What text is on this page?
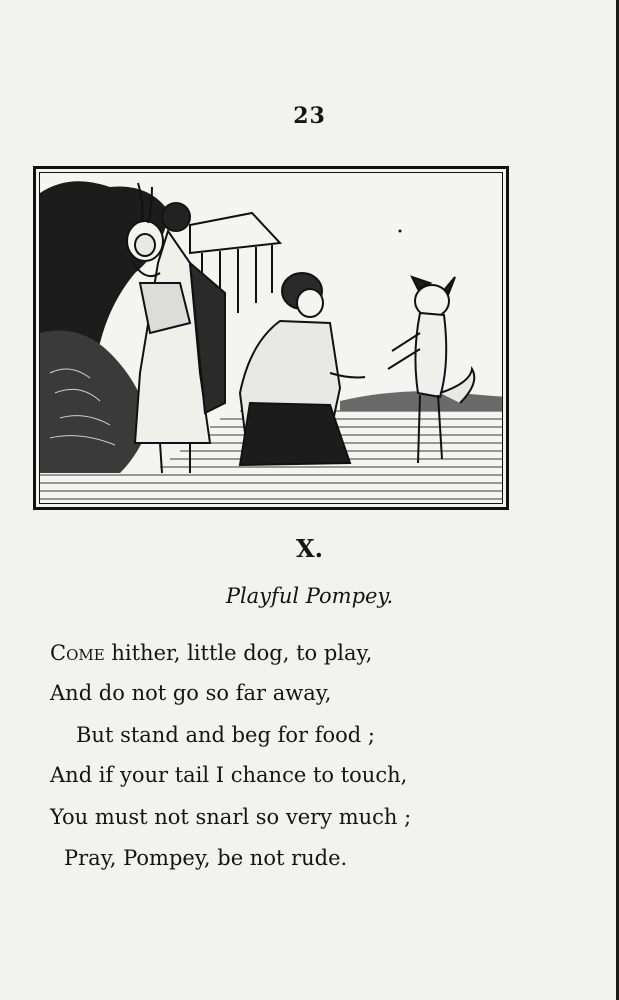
23
X.
Playful Pompey.
Come hither, little dog, to play,
And do not go so far away,
But stand and beg for food ;
And if your tail I chance to touch,
You must not snarl so very much ;
Pray, Pompey, be not rude.
